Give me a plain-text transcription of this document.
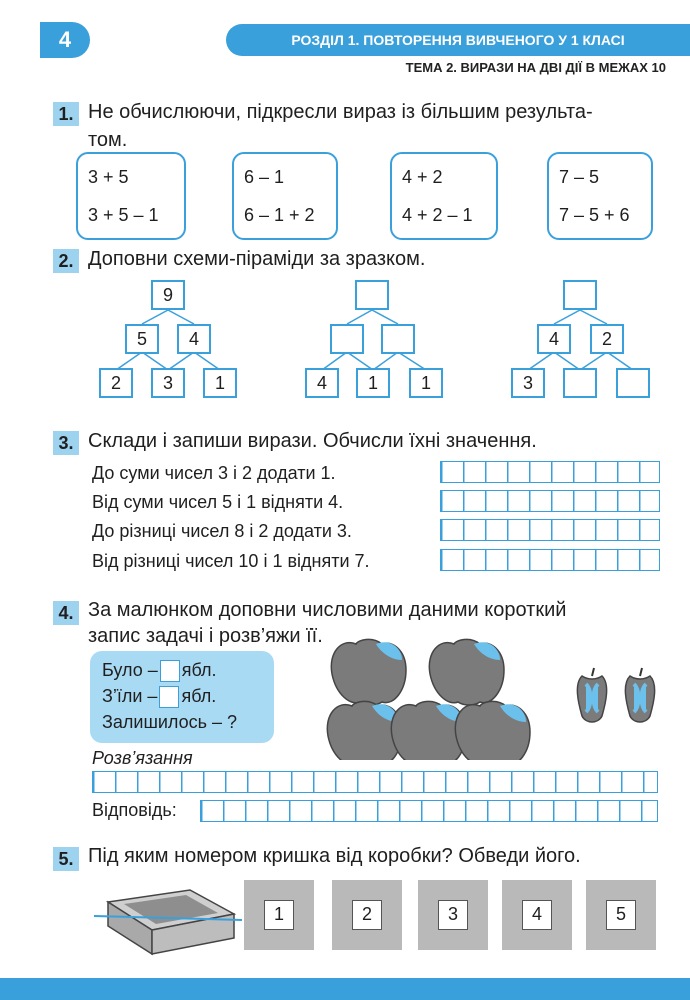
4	РОЗДІЛ 1. ПОВТОРЕННЯ ВИВЧЕНОГО У 1 КЛАСІ
ТЕМА 2. ВИРАЗИ НА ДВІ ДІЇ В МЕЖАХ 10
1. Не обчислюючи, підкресли вираз із більшим результа-
том.
3 + 5
3 + 5 – 1
6 – 1
6 – 1 + 2
4 + 2
4 + 2 – 1
7 – 5
7 – 5 + 6
2. Доповни схеми-піраміди за зразком.
9
5	4
2	3	1	4	1	1
4	2
3
3. Склади і запиши вирази. Обчисли їхні значення.
До суми чисел 3 і 2 додати 1.
Від суми чисел 5 і 1 відняти 4.
До різниці чисел 8 і 2 додати 3.
Від різниці чисел 10 і 1 відняти 7.
4. За малюнком доповни числовими даними короткий
запис задачі і розв’яжи її.
Було – ябл.
З’їли – ябл.
Залишилось – ?
Розв’язання
Відповідь:
5. Під яким номером кришка від коробки? Обведи його.
1	2	3	4	5
